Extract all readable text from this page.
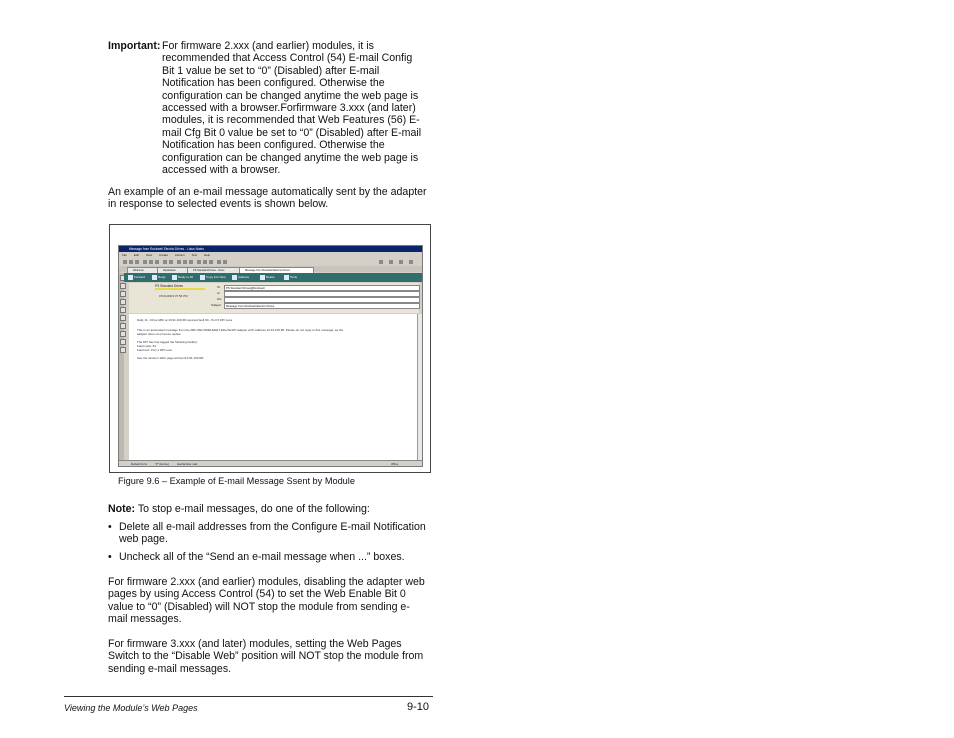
Important: For firmware 2.xxx (and earlier) modules, it is
recommended that Access Control (54) E-mail Config
Bit 1 value be set to “0” (Disabled) after E-mail
Notification has been configured. Otherwise the
configuration can be changed anytime the web page is
accessed with a browser.Forfirmware 3.xxx (and later)
modules, it is recommended that Web Features (56) E-
mail Cfg Bit 0 value be set to “0” (Disabled) after E-mail
Notification has been configured. Otherwise the
configuration can be changed anytime the web page is
accessed with a browser.
An example of an e-mail message automatically sent by the adapter
in response to selected events is shown below.
Message from Rockwell Electric Drives - Lotus Notes
File Edit View Create Actions Text Help
Welcome	Replication	PS Standard Drives - Inbox	Message from Rockwell Electric Drives
Forward	Reply	Reply to All	Copy into New	Address	Delete	Tools
PS Standard Drives
07/21/2003 07:56 PM
To	PS Standard Drives@Rockwell
cc
bcc
Subject	Message from Rockwell Electric Drives
Daily 11 - Drive ABC at 10.91.100.68 reported fault 99 - Port 5 DPI Loss
This is an automated message from the ABC RECOMM-ENET EtherNet/IP adapter at IP address 10.91.100.68. Please do not reply to this message, as the
adapter does not process replies.
The DPI has has logged the following fault(s):
Fault code: 81
Fault text: Port 1 DPI Loss
See the device's Web page at http://10.91.100.68/
Default Form	"P" [Home]	Hachamber.mail	Office
Figure 9.6 – Example of E-mail Message Ssent by Module
Note: To stop e-mail messages, do one of the following:
• Delete all e-mail addresses from the Configure E-mail Notification
web page.
• Uncheck all of the “Send an e-mail message when ...” boxes.
For firmware 2.xxx (and earlier) modules, disabling the adapter web
pages by using Access Control (54) to set the Web Enable Bit 0
value to “0” (Disabled) will NOT stop the module from sending e-
mail messages.
For firmware 3.xxx (and later) modules, setting the Web Pages
Switch to the “Disable Web” position will NOT stop the module from
sending e-mail messages.
Viewing the Module’s Web Pages	9-10
